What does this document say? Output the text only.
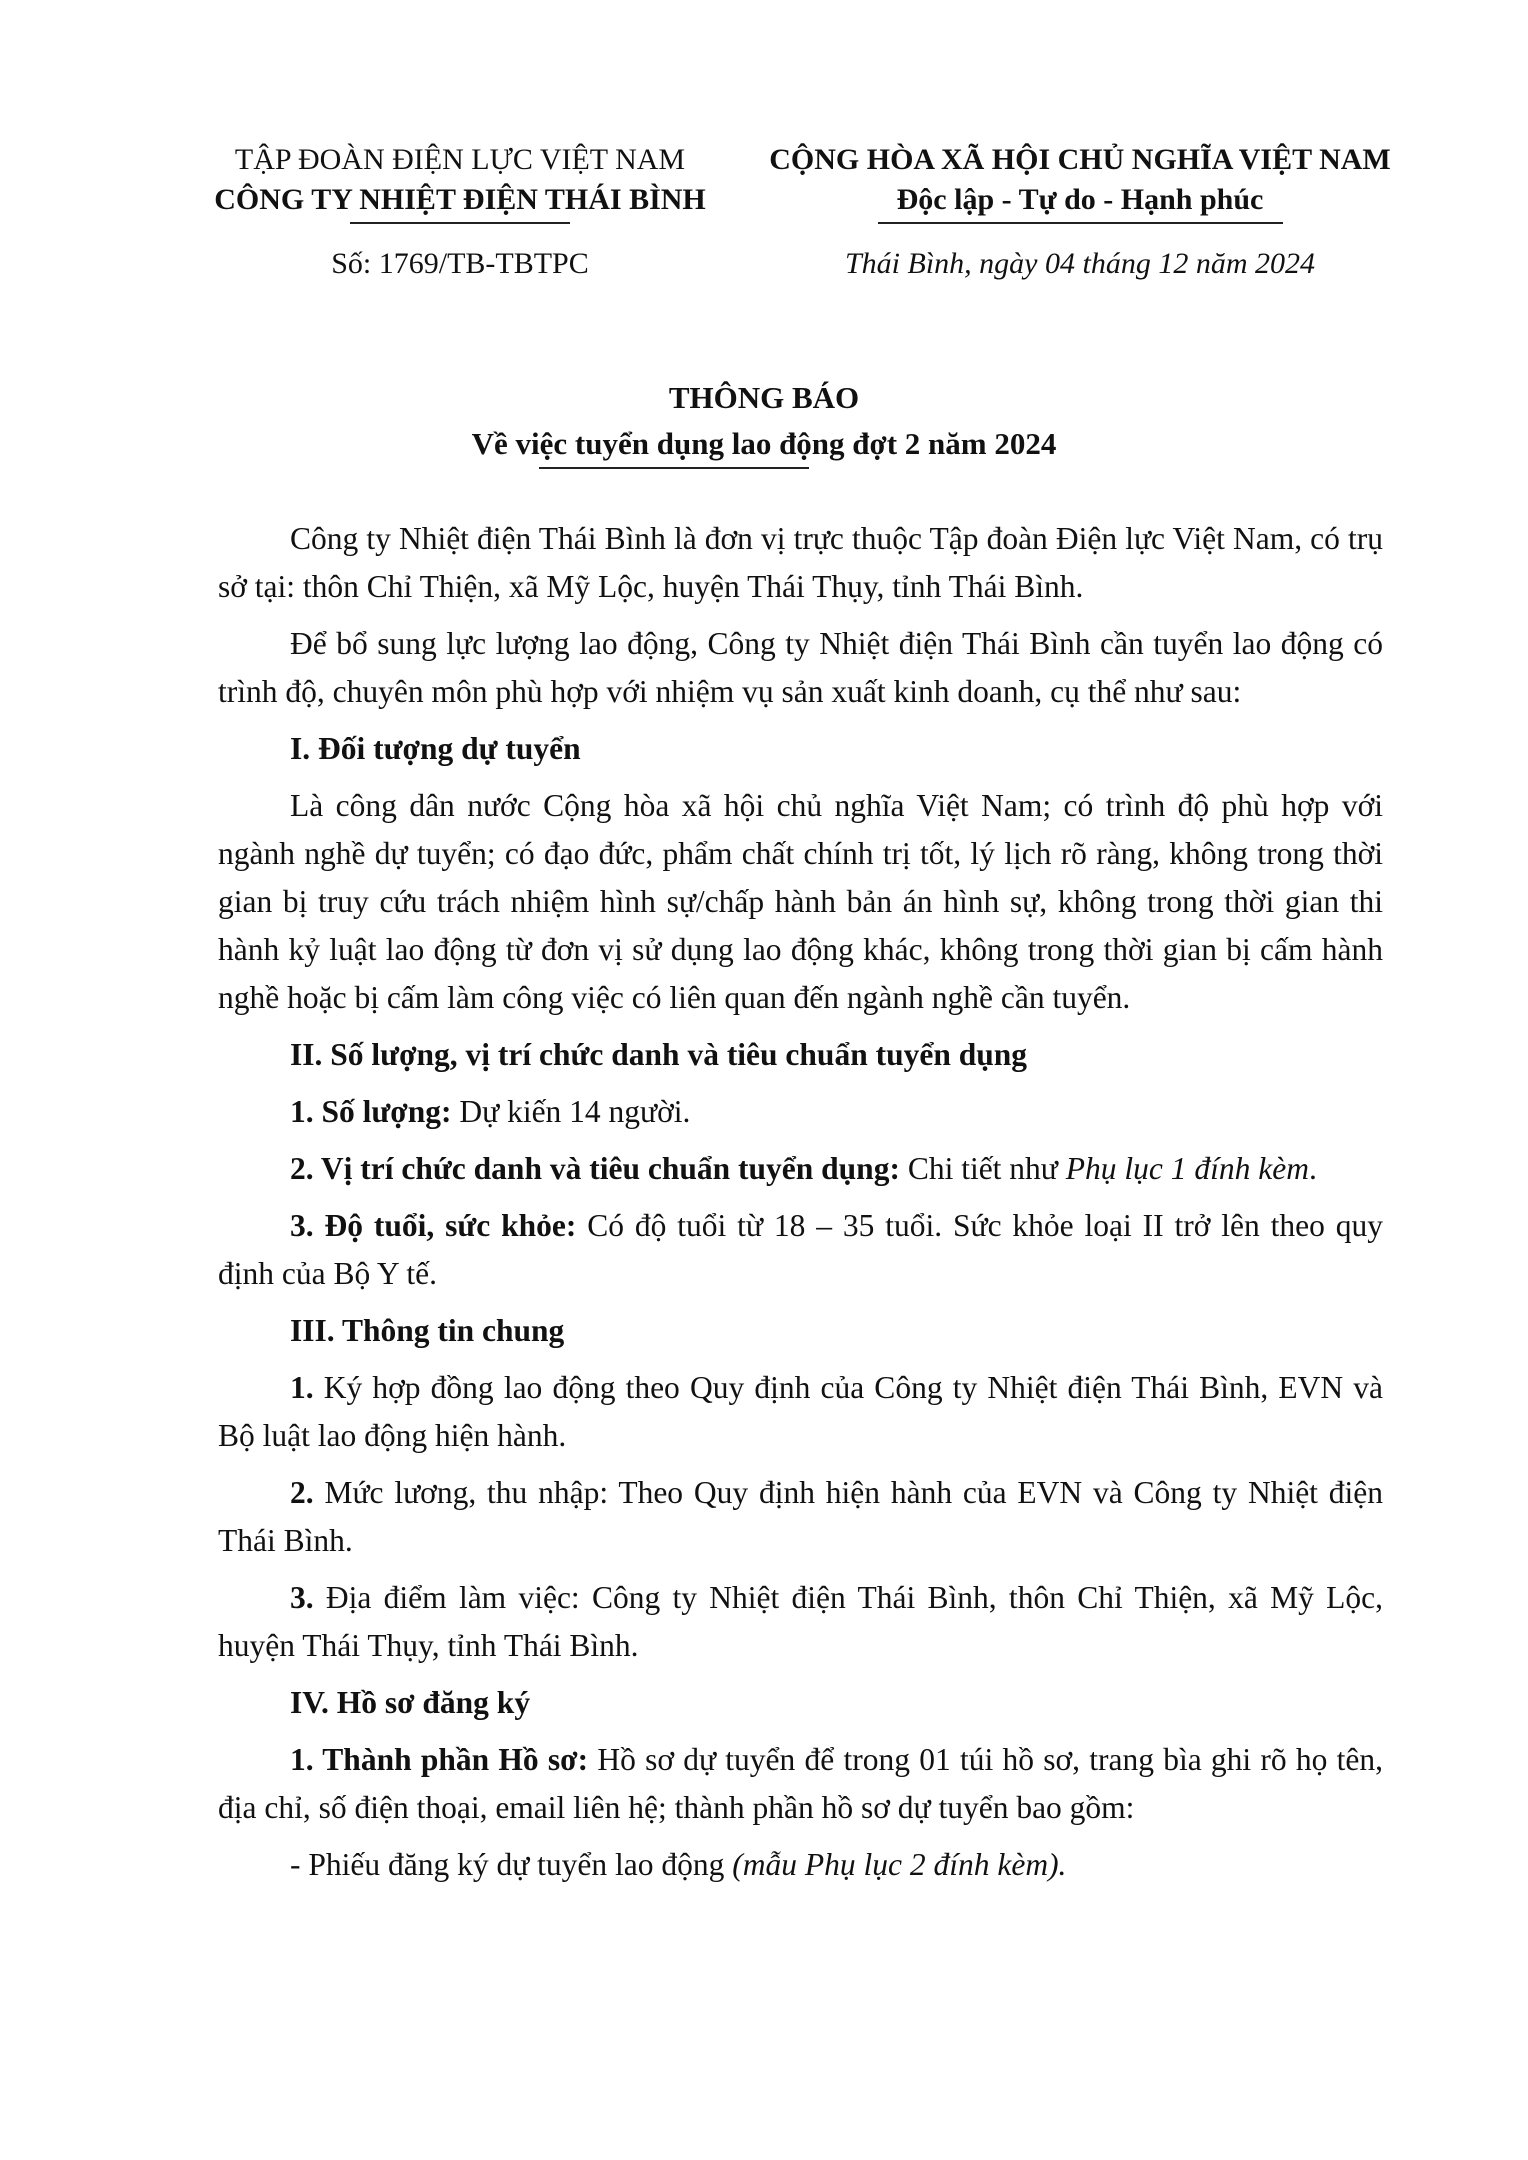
TẬP ĐOÀN ĐIỆN LỰC VIỆT NAM
CÔNG TY NHIỆT ĐIỆN THÁI BÌNH
Số: 1769/TB-TBTPC
CỘNG HÒA XÃ HỘI CHỦ NGHĨA VIỆT NAM
Độc lập - Tự do - Hạnh phúc
Thái Bình, ngày 04 tháng 12 năm 2024
THÔNG BÁO
Về việc tuyển dụng lao động đợt 2 năm 2024

Công ty Nhiệt điện Thái Bình là đơn vị trực thuộc Tập đoàn Điện lực Việt Nam, có trụ sở tại: thôn Chỉ Thiện, xã Mỹ Lộc, huyện Thái Thụy, tỉnh Thái Bình.

Để bổ sung lực lượng lao động, Công ty Nhiệt điện Thái Bình cần tuyển lao động có trình độ, chuyên môn phù hợp với nhiệm vụ sản xuất kinh doanh, cụ thể như sau:

I. Đối tượng dự tuyển

Là công dân nước Cộng hòa xã hội chủ nghĩa Việt Nam; có trình độ phù hợp với ngành nghề dự tuyển; có đạo đức, phẩm chất chính trị tốt, lý lịch rõ ràng, không trong thời gian bị truy cứu trách nhiệm hình sự/chấp hành bản án hình sự, không trong thời gian thi hành kỷ luật lao động từ đơn vị sử dụng lao động khác, không trong thời gian bị cấm hành nghề hoặc bị cấm làm công việc có liên quan đến ngành nghề cần tuyển.

II. Số lượng, vị trí chức danh và tiêu chuẩn tuyển dụng

1. Số lượng: Dự kiến 14 người.

2. Vị trí chức danh và tiêu chuẩn tuyển dụng: Chi tiết như Phụ lục 1 đính kèm.

3. Độ tuổi, sức khỏe: Có độ tuổi từ 18 – 35 tuổi. Sức khỏe loại II trở lên theo quy định của Bộ Y tế.

III. Thông tin chung

1. Ký hợp đồng lao động theo Quy định của Công ty Nhiệt điện Thái Bình, EVN và Bộ luật lao động hiện hành.

2. Mức lương, thu nhập: Theo Quy định hiện hành của EVN và Công ty Nhiệt điện Thái Bình.

3. Địa điểm làm việc: Công ty Nhiệt điện Thái Bình, thôn Chỉ Thiện, xã Mỹ Lộc, huyện Thái Thụy, tỉnh Thái Bình.

IV. Hồ sơ đăng ký

1. Thành phần Hồ sơ: Hồ sơ dự tuyển để trong 01 túi hồ sơ, trang bìa ghi rõ họ tên, địa chỉ, số điện thoại, email liên hệ; thành phần hồ sơ dự tuyển bao gồm:

- Phiếu đăng ký dự tuyển lao động (mẫu Phụ lục 2 đính kèm).
